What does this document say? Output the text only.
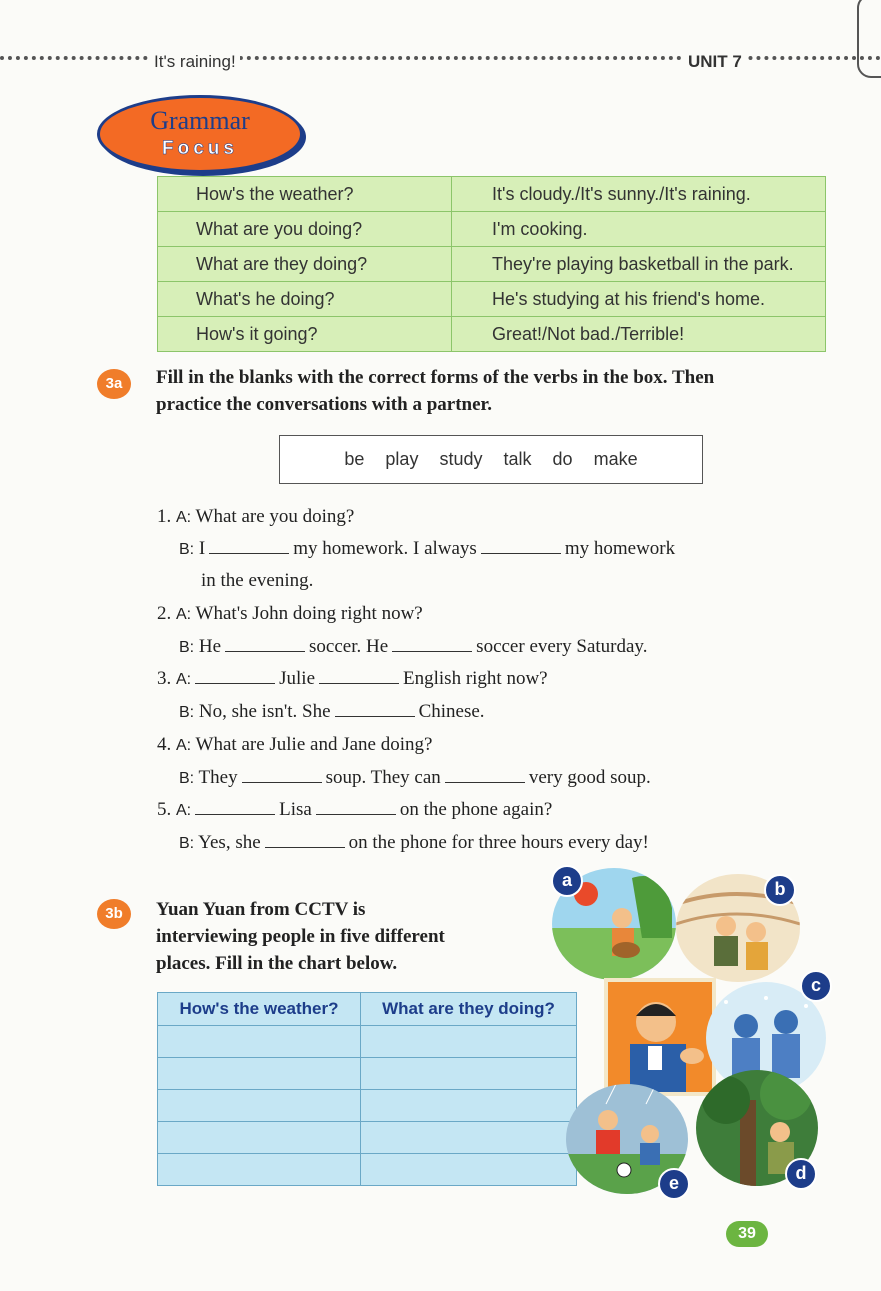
It's raining!	UNIT 7
Grammar
Focus
How's the weather?	It's cloudy./It's sunny./It's raining.
What are you doing?	I'm cooking.
What are they doing?	They're playing basketball in the park.
What's he doing?	He's studying at his friend's home.
How's it going?	Great!/Not bad./Terrible!
3a	Fill in the blanks with the correct forms of the verbs in the box. Then
practice the conversations with a partner.
be play study talk do make
1. A: What are you doing?
B: I	my homework. I always	my homework
in the evening.
2. A: What's John doing right now?
B: He	soccer. He	soccer every Saturday.
3. A:	Julie	English right now?
B: No, she isn't. She	Chinese.
4. A: What are Julie and Jane doing?
B: They	soup. They can	very good soup.
5. A:	Lisa	on the phone again?
B: Yes, she	on the phone for three hours every day!
3b	Yuan Yuan from CCTV is
interviewing people in five different
places. Fill in the chart below.
How's the weather?	What are they doing?

a	b
c
e	d
39
